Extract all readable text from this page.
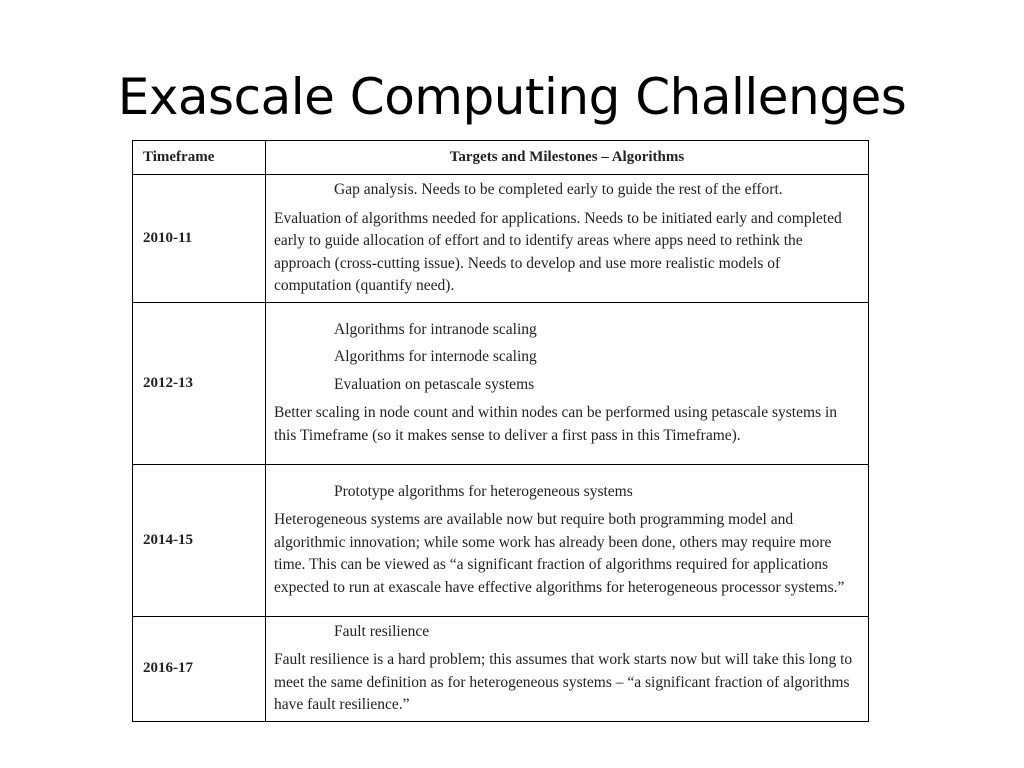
Exascale Computing Challenges
Timeframe	Targets and Milestones – Algorithms
2010-11	Gap analysis. Needs to be completed early to guide the rest of the effort.

Evaluation of algorithms needed for applications. Needs to be initiated early and completed early to guide allocation of effort and to identify areas where apps need to rethink the approach (cross-cutting issue). Needs to develop and use more realistic models of computation (quantify need).

2012-13	Algorithms for intranode scaling

Algorithms for internode scaling

Evaluation on petascale systems

Better scaling in node count and within nodes can be performed using petascale systems in this Timeframe (so it makes sense to deliver a first pass in this Timeframe).

2014-15	Prototype algorithms for heterogeneous systems

Heterogeneous systems are available now but require both programming model and algorithmic innovation; while some work has already been done, others may require more time. This can be viewed as “a significant fraction of algorithms required for applications expected to run at exascale have effective algorithms for heterogeneous processor systems.”

2016-17	Fault resilience

Fault resilience is a hard problem; this assumes that work starts now but will take this long to meet the same definition as for heterogeneous systems – “a significant fraction of algorithms have fault resilience.”
